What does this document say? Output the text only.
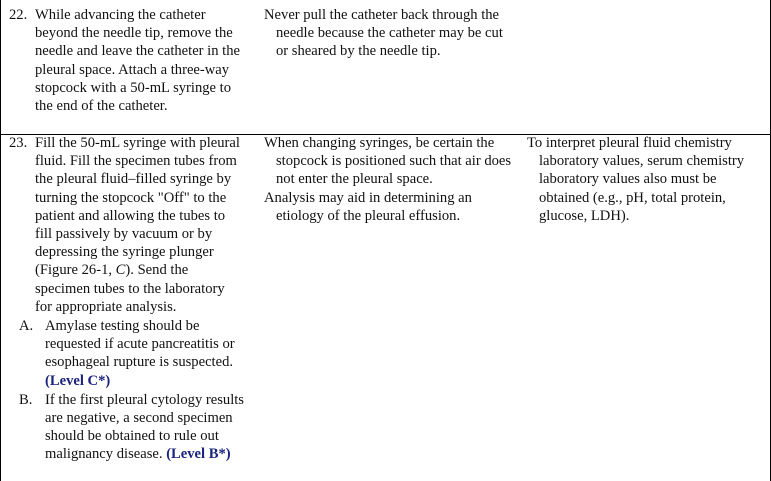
22. While advancing the catheter beyond the needle tip, remove the needle and leave the catheter in the pleural space. Attach a three-way stopcock with a 50-mL syringe to the end of the catheter.

Never pull the catheter back through the needle because the catheter may be cut or sheared by the needle tip.

23. Fill the 50-mL syringe with pleural fluid. Fill the specimen tubes from the pleural fluid–filled syringe by turning the stopcock "Off" to the patient and allowing the tubes to fill passively by vacuum or by depressing the syringe plunger (Figure 26-1, C). Send the specimen tubes to the laboratory for appropriate analysis.

A. Amylase testing should be requested if acute pancreatitis or esophageal rupture is suspected. (Level C*)

B. If the first pleural cytology results are negative, a second specimen should be obtained to rule out malignancy disease. (Level B*)

When changing syringes, be certain the stopcock is positioned such that air does not enter the pleural space.

Analysis may aid in determining an etiology of the pleural effusion.

To interpret pleural fluid chemistry laboratory values, serum chemistry laboratory values also must be obtained (e.g., pH, total protein, glucose, LDH).
